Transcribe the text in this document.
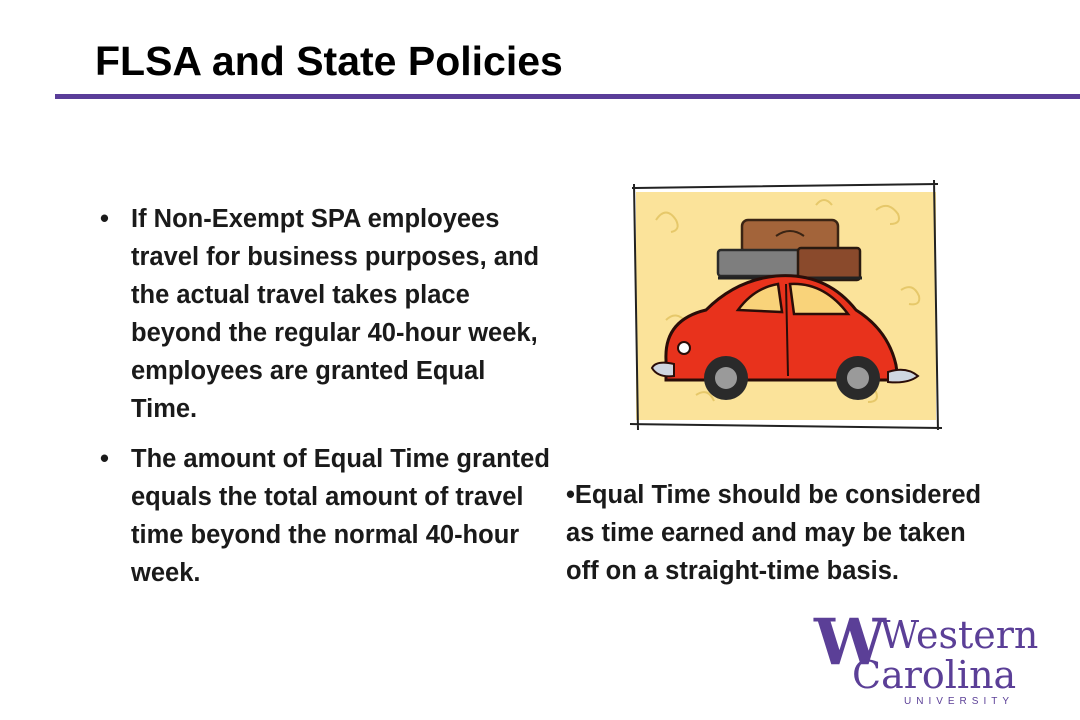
FLSA and State Policies
• If Non-Exempt SPA employees travel for business purposes, and the actual travel takes place beyond the regular 40-hour week, employees are granted Equal Time.
• The amount of Equal Time granted equals the total amount of travel time beyond the normal 40-hour week.
•Equal Time should be considered as time earned and may be taken off on a straight-time basis.
W
Western
Carolina
UNIVERSITY
